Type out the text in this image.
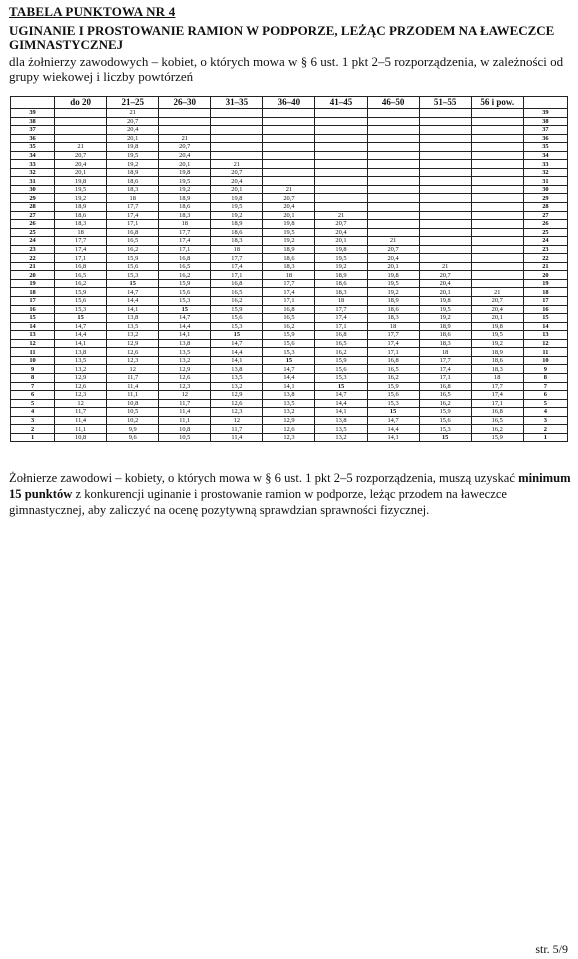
TABELA PUNKTOWA NR 4
UGINANIE I PROSTOWANIE RAMION W PODPORZE, LEŻĄC PRZODEM NA ŁAWECZCE GIMNASTYCZNEJ
dla żołnierzy zawodowych – kobiet, o których mowa w § 6 ust. 1 pkt 2–5 rozporządzenia, w zależności od grupy wiekowej i liczby powtórzeń
	do 20	21–25	26–30	31–35	36–40	41–45	46–50	51–55	56 i pow.	
39		21								39
38		20,7								38
37		20,4								37
36		20,1	21							36
35	21	19,8	20,7							35
34	20,7	19,5	20,4							34
33	20,4	19,2	20,1	21						33
32	20,1	18,9	19,8	20,7						32
31	19,8	18,6	19,5	20,4						31
30	19,5	18,3	19,2	20,1	21					30
29	19,2	18	18,9	19,8	20,7					29
28	18,9	17,7	18,6	19,5	20,4					28
27	18,6	17,4	18,3	19,2	20,1	21				27
26	18,3	17,1	18	18,9	19,8	20,7				26
25	18	16,8	17,7	18,6	19,5	20,4				25
24	17,7	16,5	17,4	18,3	19,2	20,1	21			24
23	17,4	16,2	17,1	18	18,9	19,8	20,7			23
22	17,1	15,9	16,8	17,7	18,6	19,5	20,4			22
21	16,8	15,6	16,5	17,4	18,3	19,2	20,1	21		21
20	16,5	15,3	16,2	17,1	18	18,9	19,8	20,7		20
19	16,2	15	15,9	16,8	17,7	18,6	19,5	20,4		19
18	15,9	14,7	15,6	16,5	17,4	18,3	19,2	20,1	21	18
17	15,6	14,4	15,3	16,2	17,1	18	18,9	19,8	20,7	17
16	15,3	14,1	15	15,9	16,8	17,7	18,6	19,5	20,4	16
15	15	13,8	14,7	15,6	16,5	17,4	18,3	19,2	20,1	15
14	14,7	13,5	14,4	15,3	16,2	17,1	18	18,9	19,8	14
13	14,4	13,2	14,1	15	15,9	16,8	17,7	18,6	19,5	13
12	14,1	12,9	13,8	14,7	15,6	16,5	17,4	18,3	19,2	12
11	13,8	12,6	13,5	14,4	15,3	16,2	17,1	18	18,9	11
10	13,5	12,3	13,2	14,1	15	15,9	16,8	17,7	18,6	10
9	13,2	12	12,9	13,8	14,7	15,6	16,5	17,4	18,3	9
8	12,9	11,7	12,6	13,5	14,4	15,3	16,2	17,1	18	8
7	12,6	11,4	12,3	13,2	14,1	15	15,9	16,8	17,7	7
6	12,3	11,1	12	12,9	13,8	14,7	15,6	16,5	17,4	6
5	12	10,8	11,7	12,6	13,5	14,4	15,3	16,2	17,1	5
4	11,7	10,5	11,4	12,3	13,2	14,1	15	15,9	16,8	4
3	11,4	10,2	11,1	12	12,9	13,8	14,7	15,6	16,5	3
2	11,1	9,9	10,8	11,7	12,6	13,5	14,4	15,3	16,2	2
1	10,8	9,6	10,5	11,4	12,3	13,2	14,1	15	15,9	1
Żołnierze zawodowi – kobiety, o których mowa w § 6 ust. 1 pkt 2–5 rozporządzenia, muszą uzyskać minimum 15 punktów z konkurencji uginanie i prostowanie ramion w podporze, leżąc przodem na ławeczce gimnastycznej, aby zaliczyć na ocenę pozytywną sprawdzian sprawności fizycznej.
str. 5/9
